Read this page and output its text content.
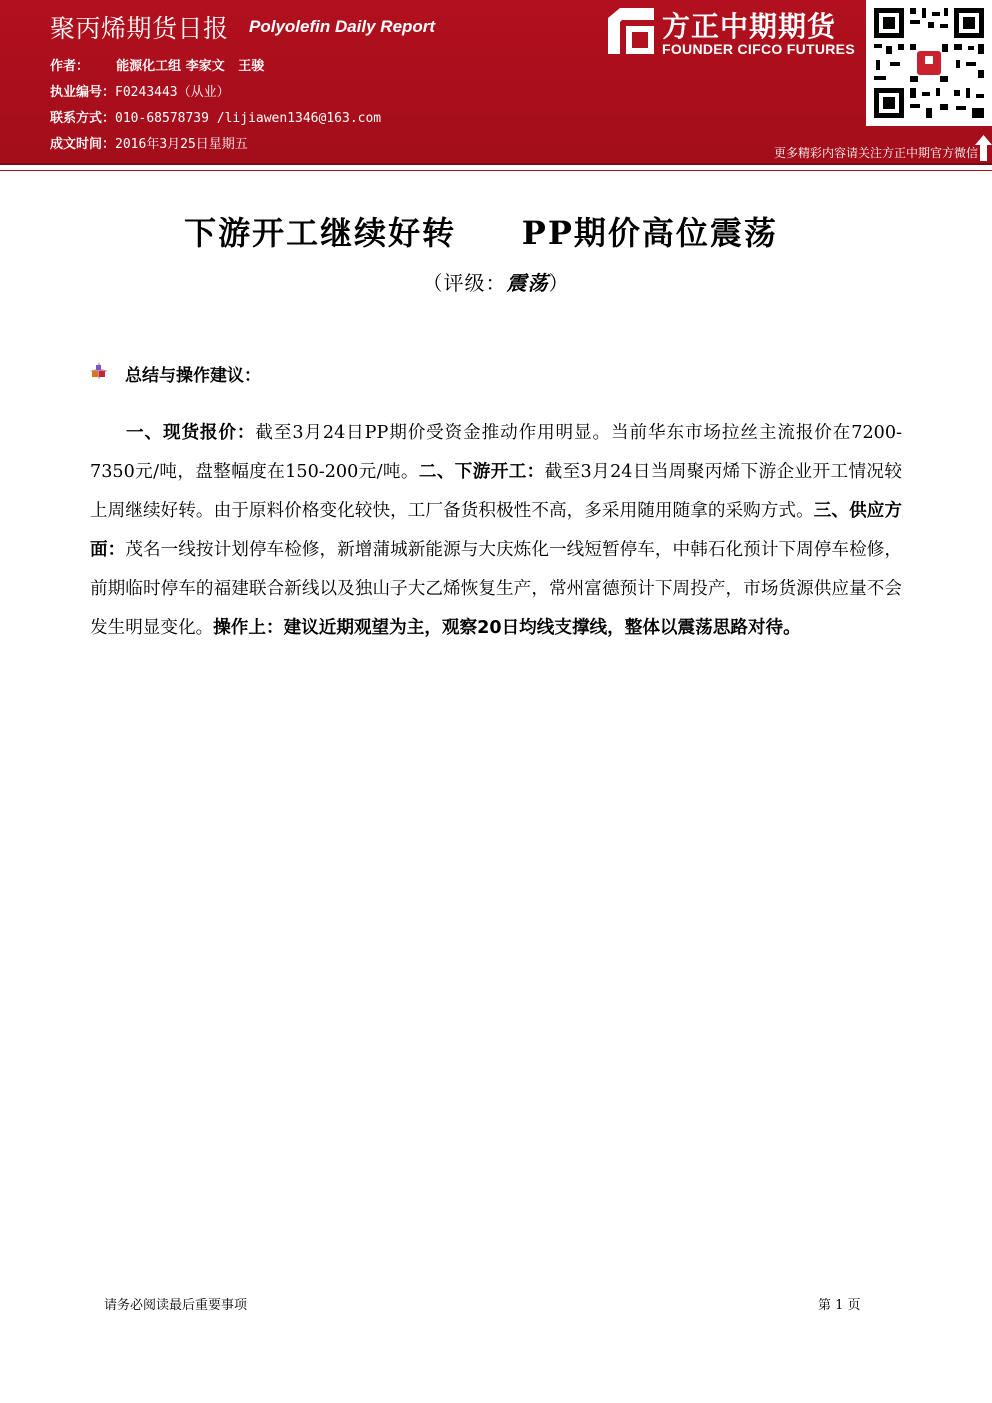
聚丙烯期货日报 Polyolefin Daily Report
作者： 能源化工组 李家文   王骏
执业编号：F0243443（从业）
联系方式：010-68578739 /lijiawen1346@163.com
成文时间：2016年3月25日星期五
方正中期期货
FOUNDER CIFCO FUTURES
更多精彩内容请关注方正中期官方微信
下游开工继续好转     PP期价高位震荡
（评级：震荡）
总结与操作建议：
一、现货报价：截至3月24日PP期价受资金推动作用明显。当前华东市场拉丝主流报价在7200-7350元/吨，盘整幅度在150-200元/吨。二、下游开工：截至3月24日当周聚丙烯下游企业开工情况较上周继续好转。由于原料价格变化较快，工厂备货积极性不高，多采用随用随拿的采购方式。三、供应方面：茂名一线按计划停车检修，新增蒲城新能源与大庆炼化一线短暂停车，中韩石化预计下周停车检修，前期临时停车的福建联合新线以及独山子大乙烯恢复生产，常州富德预计下周投产，市场货源供应量不会发生明显变化。操作上：建议近期观望为主，观察20日均线支撑线，整体以震荡思路对待。
请务必阅读最后重要事项	第 1 页
